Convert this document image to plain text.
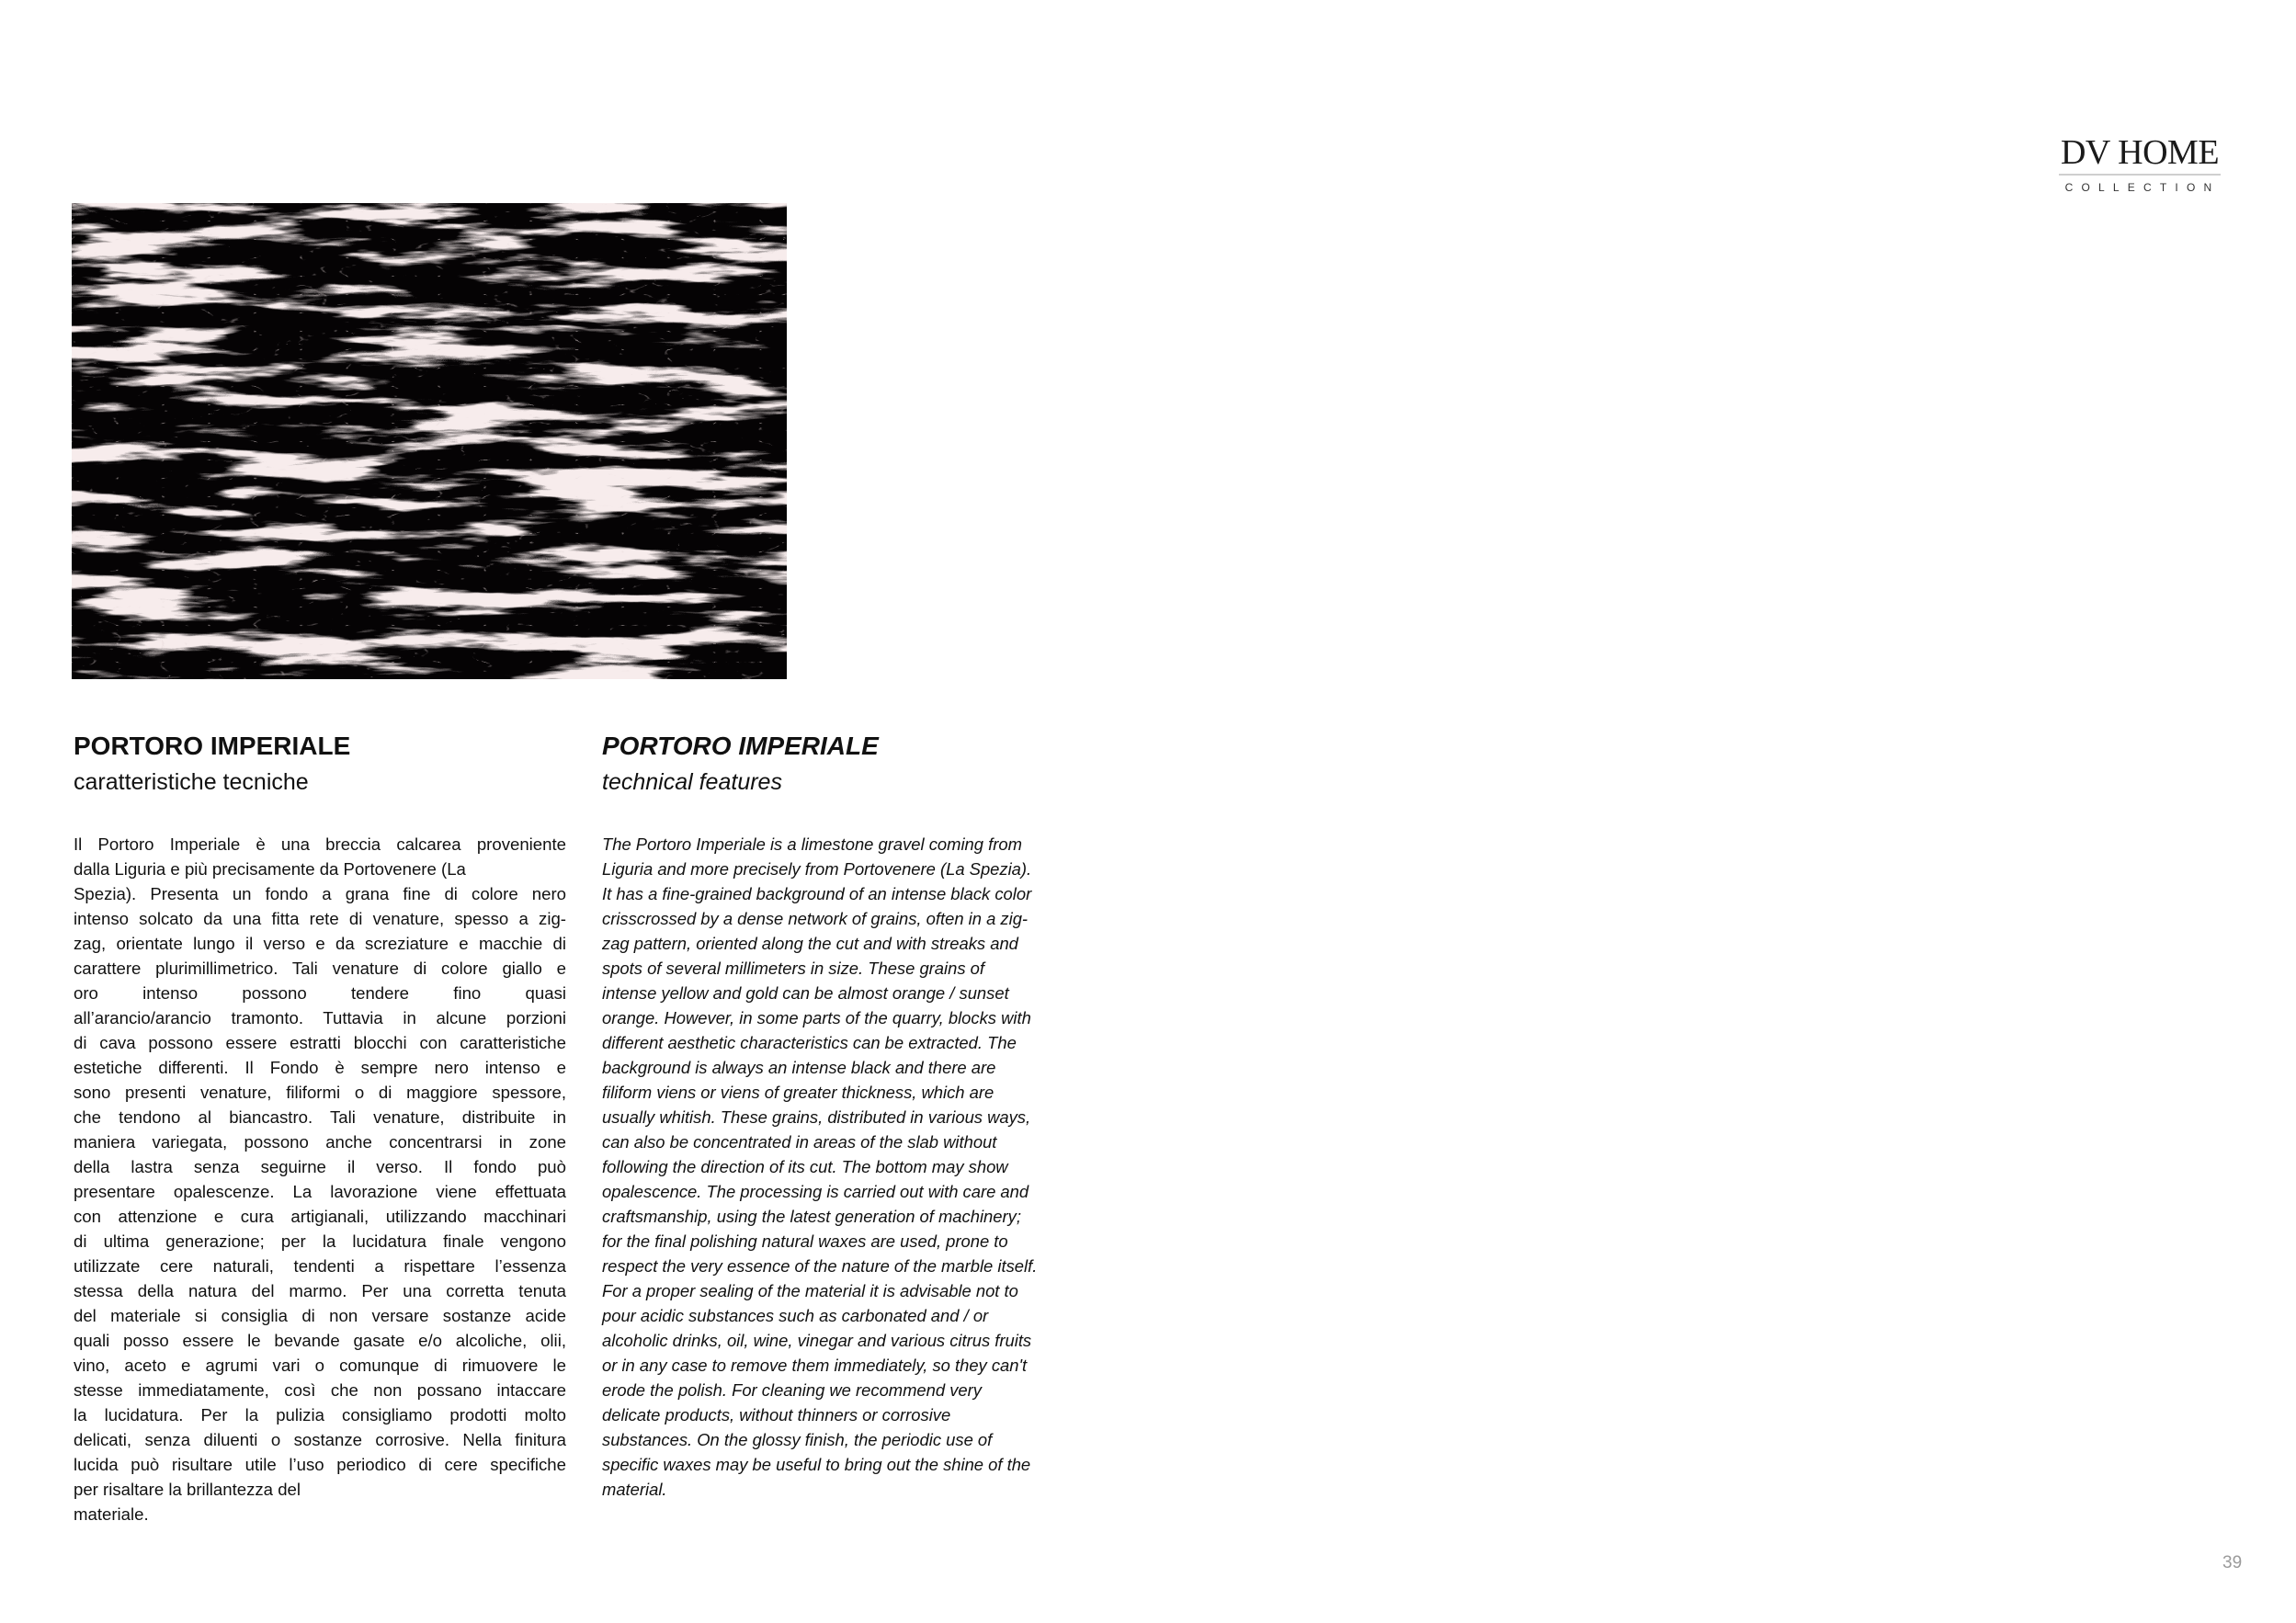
DV HOME
COLLECTION
PORTORO IMPERIALE
caratteristiche tecniche
Il Portoro Imperiale è una breccia calcarea proveniente
dalla Liguria e più precisamente da Portovenere (La
Spezia). Presenta un fondo a grana fine di colore nero
intenso solcato da una fitta rete di venature, spesso a zig-
zag, orientate lungo il verso e da screziature e macchie di
carattere plurimillimetrico. Tali venature di colore giallo e
oro intenso possono tendere fino quasi
all’arancio/arancio tramonto. Tuttavia in alcune porzioni
di cava possono essere estratti blocchi con caratteristiche
estetiche differenti. Il Fondo è sempre nero intenso e
sono presenti venature, filiformi o di maggiore spessore,
che tendono al biancastro. Tali venature, distribuite in
maniera variegata, possono anche concentrarsi in zone
della lastra senza seguirne il verso. Il fondo può
presentare opalescenze. La lavorazione viene effettuata
con attenzione e cura artigianali, utilizzando macchinari
di ultima generazione; per la lucidatura finale vengono
utilizzate cere naturali, tendenti a rispettare l’essenza
stessa della natura del marmo. Per una corretta tenuta
del materiale si consiglia di non versare sostanze acide
quali posso essere le bevande gasate e/o alcoliche, olii,
vino, aceto e agrumi vari o comunque di rimuovere le
stesse immediatamente, così che non possano intaccare
la lucidatura. Per la pulizia consigliamo prodotti molto
delicati, senza diluenti o sostanze corrosive. Nella finitura
lucida può risultare utile l’uso periodico di cere specifiche
per risaltare la brillantezza del
materiale.
PORTORO IMPERIALE
technical features
The Portoro Imperiale is a limestone gravel coming from
Liguria and more precisely from Portovenere (La Spezia).
It has a fine-grained background of an intense black color
crisscrossed by a dense network of grains, often in a zig-
zag pattern, oriented along the cut and with streaks and
spots of several millimeters in size. These grains of
intense yellow and gold can be almost orange / sunset
orange. However, in some parts of the quarry, blocks with
different aesthetic characteristics can be extracted. The
background is always an intense black and there are
filiform viens or viens of greater thickness, which are
usually whitish. These grains, distributed in various ways,
can also be concentrated in areas of the slab without
following the direction of its cut. The bottom may show
opalescence. The processing is carried out with care and
craftsmanship, using the latest generation of machinery;
for the final polishing natural waxes are used, prone to
respect the very essence of the nature of the marble itself.
For a proper sealing of the material it is advisable not to
pour acidic substances such as carbonated and / or
alcoholic drinks, oil, wine, vinegar and various citrus fruits
or in any case to remove them immediately, so they can't
erode the polish. For cleaning we recommend very
delicate products, without thinners or corrosive
substances. On the glossy finish, the periodic use of
specific waxes may be useful to bring out the shine of the
material.
39
